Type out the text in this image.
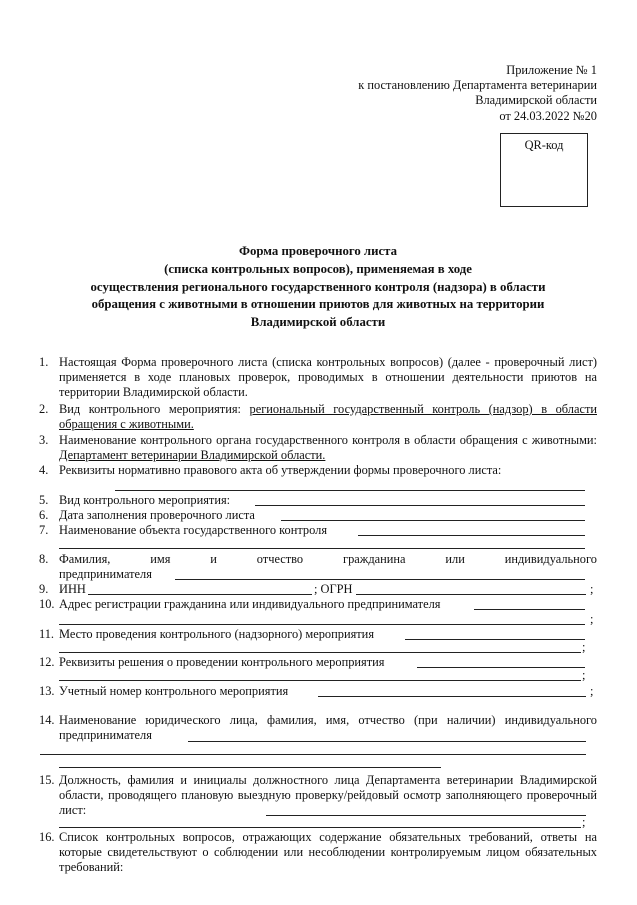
Приложение № 1
к постановлению Департамента ветеринарии
Владимирской области
от 24.03.2022 №20
QR-код
Форма проверочного листа
(списка контрольных вопросов), применяемая в ходе
осуществления регионального государственного контроля (надзора) в области
обращения с животными в отношении приютов для животных на территории
Владимирской области
1. Настоящая Форма проверочного листа (списка контрольных вопросов) (далее - проверочный лист) применяется в ходе плановых проверок, проводимых в отношении деятельности приютов на территории Владимирской области.
2. Вид контрольного мероприятия: региональный государственный контроль (надзор) в области обращения с животными.
3. Наименование контрольного органа государственного контроля в области обращения с животными: Департамент ветеринарии Владимирской области.
4. Реквизиты нормативно правового акта об утверждении формы проверочного листа:
5. Вид контрольного мероприятия:
6. Дата заполнения проверочного листа
7. Наименование объекта государственного контроля
8. Фамилия,	имя	и	отчество	гражданина	или	индивидуального
предпринимателя
9. ИНН	; ОГРН	;
10. Адрес регистрации гражданина или индивидуального предпринимателя
;
11. Место проведения контрольного (надзорного) мероприятия
;
12. Реквизиты решения о проведении контрольного мероприятия
;
13. Учетный номер контрольного мероприятия	;
14. Наименование юридического лица, фамилия, имя, отчество (при наличии) индивидуального предпринимателя
15. Должность, фамилия и инициалы должностного лица Департамента ветеринарии Владимирской области, проводящего плановую выездную проверку/рейдовый осмотр заполняющего проверочный лист:
;
16. Список контрольных вопросов, отражающих содержание обязательных требований, ответы на которые свидетельствуют о соблюдении или несоблюдении контролируемым лицом обязательных требований:
